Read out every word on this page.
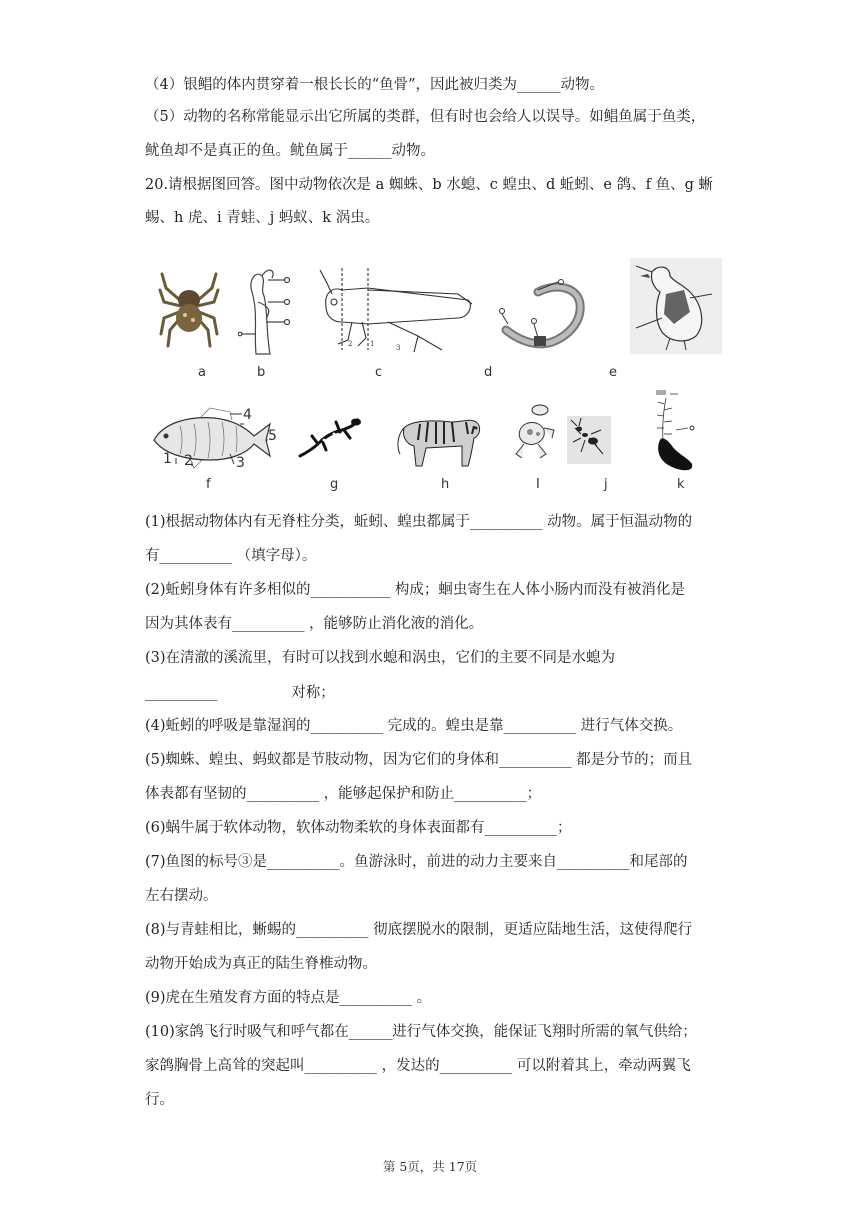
（4）银鲳的体内贯穿着一根长长的“鱼骨”，因此被归类为______动物。
（5）动物的名称常能显示出它所属的类群，但有时也会给人以误导。如鲳鱼属于鱼类，
鱿鱼却不是真正的鱼。鱿鱼属于______动物。
20.请根据图回答。图中动物依次是 a 蜘蛛、b 水螅、c 蝗虫、d 蚯蚓、e 鸽、f 鱼、g 蜥
蜴、h 虎、i 青蛙、j 蚂蚁、k 涡虫。
2	1	3
a	b	c	d	e
1 2	3
4
5
f	g	h	I	j	k
(1)根据动物体内有无脊柱分类，蚯蚓、蝗虫都属于__________ 动物。属于恒温动物的
有__________ （填字母）。
(2)蚯蚓身体有许多相似的___________ 构成；蛔虫寄生在人体小肠内而没有被消化是
因为其体表有__________ ，能够防止消化液的消化。
(3)在清澈的溪流里，有时可以找到水螅和涡虫，它们的主要不同是水螅为
__________                对称；
(4)蚯蚓的呼吸是靠湿润的__________ 完成的。蝗虫是靠__________ 进行气体交换。
(5)蜘蛛、蝗虫、蚂蚁都是节肢动物，因为它们的身体和__________ 都是分节的；而且
体表都有坚韧的__________ ，能够起保护和防止__________；
(6)蜗牛属于软体动物，软体动物柔软的身体表面都有__________；
(7)鱼图的标号③是__________。鱼游泳时，前进的动力主要来自__________和尾部的
左右摆动。
(8)与青蛙相比，蜥蜴的__________ 彻底摆脱水的限制，更适应陆地生活，这使得爬行
动物开始成为真正的陆生脊椎动物。
(9)虎在生殖发育方面的特点是__________ 。
(10)家鸽飞行时吸气和呼气都在______进行气体交换，能保证飞翔时所需的氧气供给；
家鸽胸骨上高耸的突起叫__________ ，发达的__________ 可以附着其上，牵动两翼飞
行。
第 5页，共 17页
